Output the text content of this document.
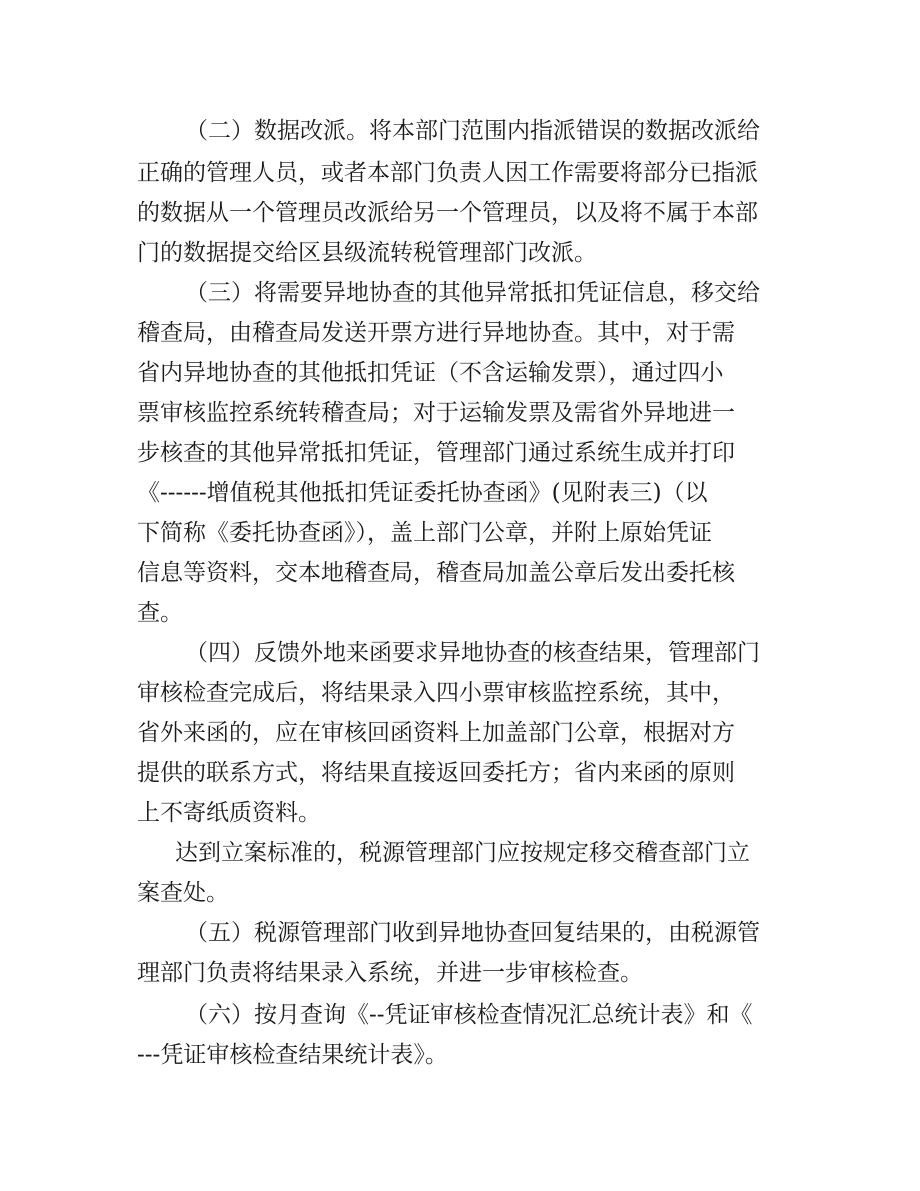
（二）数据改派。将本部门范围内指派错误的数据改派给

正确的管理人员，或者本部门负责人因工作需要将部分已指派

的数据从一个管理员改派给另一个管理员，以及将不属于本部

门的数据提交给区县级流转税管理部门改派。

（三）将需要异地协查的其他异常抵扣凭证信息，移交给

稽查局，由稽查局发送开票方进行异地协查。其中，对于需

省内异地协查的其他抵扣凭证（不含运输发票），通过四小

票审核监控系统转稽查局；对于运输发票及需省外异地进一

步核查的其他异常抵扣凭证，管理部门通过系统生成并打印

《------增值税其他抵扣凭证委托协查函》(见附表三)（以

下简称《委托协查函》），盖上部门公章，并附上原始凭证

信息等资料，交本地稽查局，稽查局加盖公章后发出委托核

查。

（四）反馈外地来函要求异地协查的核查结果，管理部门

审核检查完成后，将结果录入四小票审核监控系统，其中，

省外来函的，应在审核回函资料上加盖部门公章，根据对方

提供的联系方式，将结果直接返回委托方；省内来函的原则

上不寄纸质资料。

达到立案标准的，税源管理部门应按规定移交稽查部门立

案查处。

（五）税源管理部门收到异地协查回复结果的，由税源管

理部门负责将结果录入系统，并进一步审核检查。

（六）按月查询《--凭证审核检查情况汇总统计表》和《

---凭证审核检查结果统计表》。
